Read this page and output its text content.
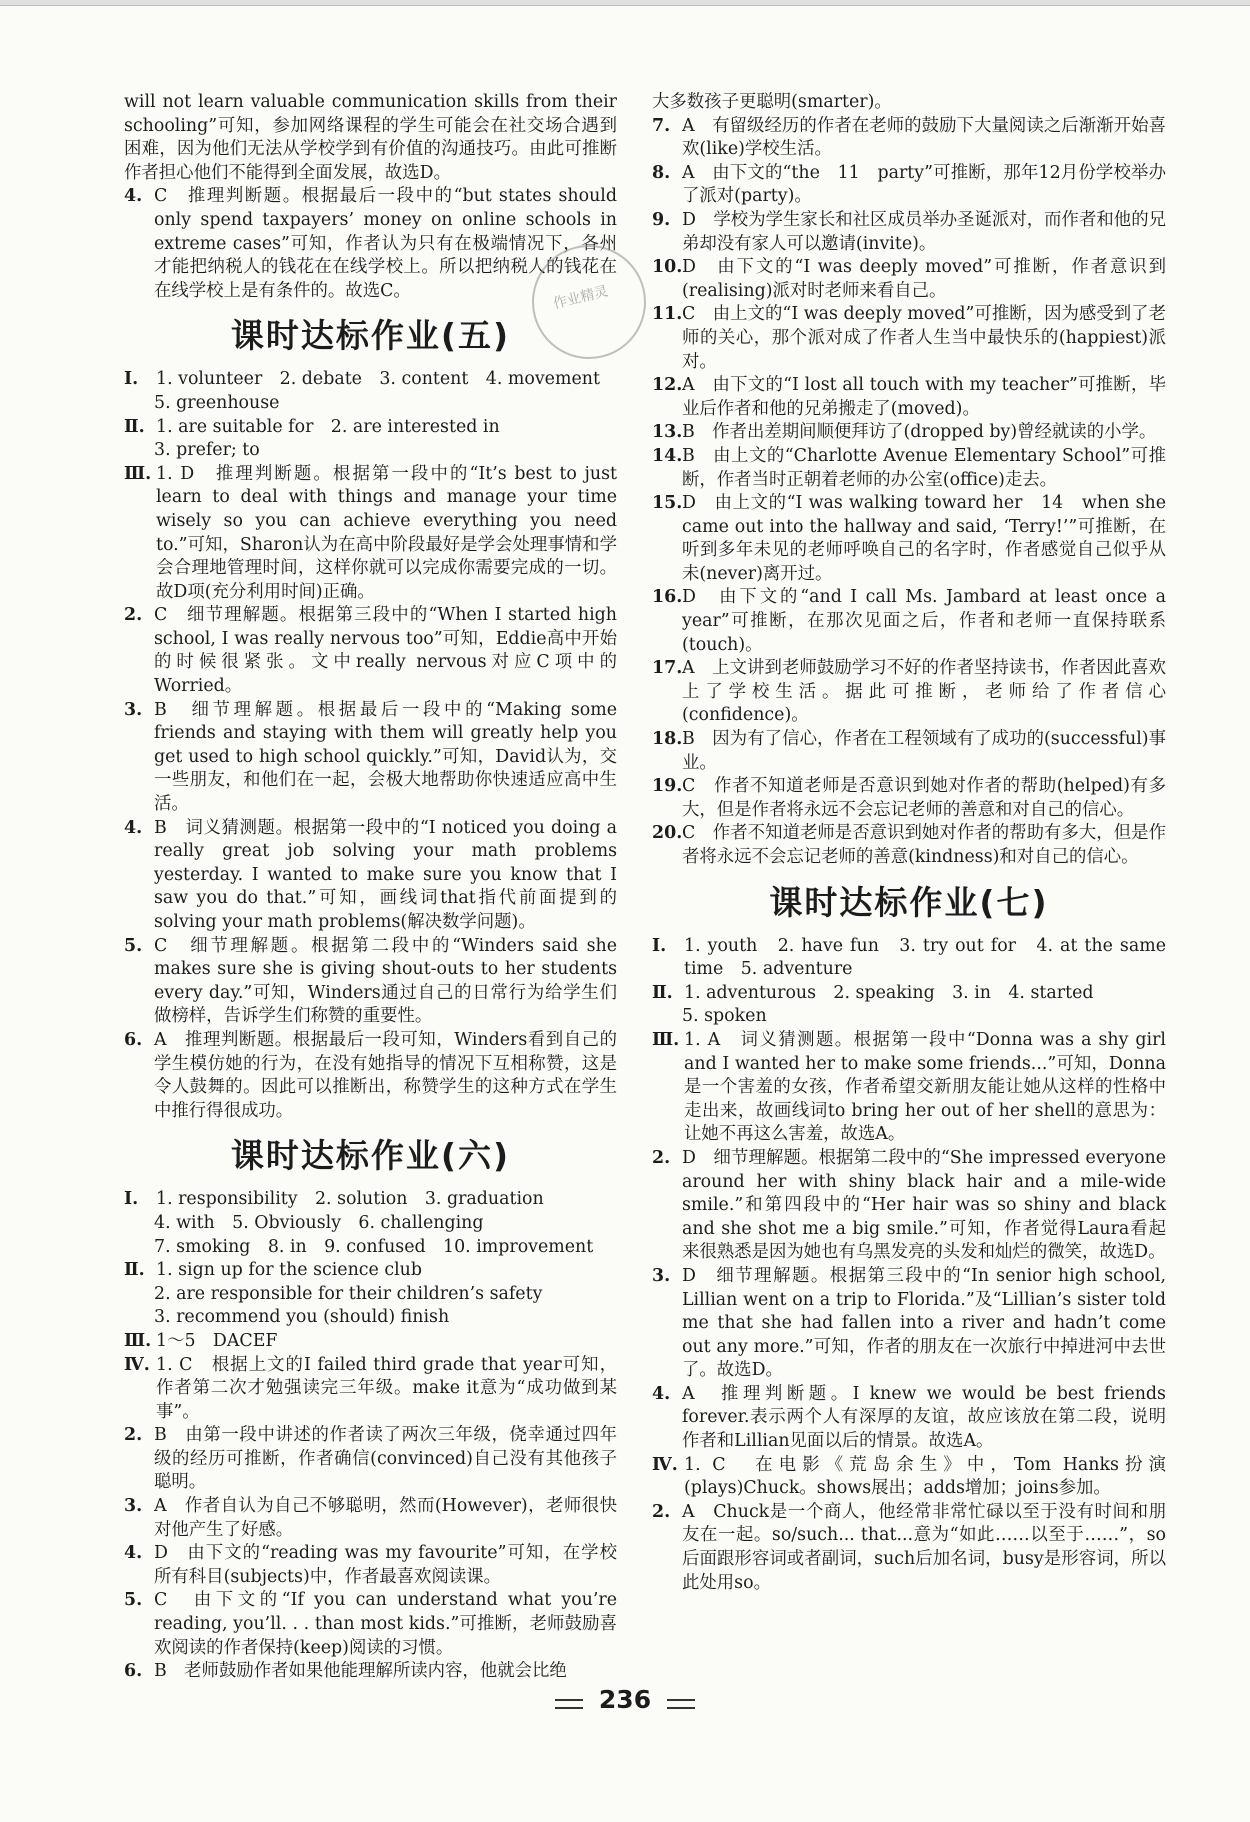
will not learn valuable communication skills from their schooling”可知，参加网络课程的学生可能会在社交场合遇到困难，因为他们无法从学校学到有价值的沟通技巧。由此可推断作者担心他们不能得到全面发展，故选D。
4. C　推理判断题。根据最后一段中的“but states should only spend taxpayers’ money on online schools in extreme cases”可知，作者认为只有在极端情况下，各州才能把纳税人的钱花在在线学校上。所以把纳税人的钱花在在线学校上是有条件的。故选C。
课时达标作业(五)
Ⅰ. 1. volunteer　2. debate　3. content　4. movement
5. greenhouse
Ⅱ. 1. are suitable for　2. are interested in
3. prefer; to
Ⅲ. 1. D　推理判断题。根据第一段中的“It’s best to just learn to deal with things and manage your time wisely so you can achieve everything you need to.”可知，Sharon认为在高中阶段最好是学会处理事情和学会合理地管理时间，这样你就可以完成你需要完成的一切。故D项(充分利用时间)正确。
2. C　细节理解题。根据第三段中的“When I started high school, I was really nervous too”可知，Eddie高中开始的时候很紧张。文中really nervous对应C项中的Worried。
3. B　细节理解题。根据最后一段中的“Making some friends and staying with them will greatly help you get used to high school quickly.”可知，David认为，交一些朋友，和他们在一起，会极大地帮助你快速适应高中生活。
4. B　词义猜测题。根据第一段中的“I noticed you doing a really great job solving your math problems yesterday. I wanted to make sure you know that I saw you do that.”可知，画线词that指代前面提到的solving your math problems(解决数学问题)。
5. C　细节理解题。根据第二段中的“Winders said she makes sure she is giving shout-outs to her students every day.”可知，Winders通过自己的日常行为给学生们做榜样，告诉学生们称赞的重要性。
6. A　推理判断题。根据最后一段可知，Winders看到自己的学生模仿她的行为，在没有她指导的情况下互相称赞，这是令人鼓舞的。因此可以推断出，称赞学生的这种方式在学生中推行得很成功。
课时达标作业(六)
Ⅰ. 1. responsibility　2. solution　3. graduation
4. with　5. Obviously　6. challenging
7. smoking　8. in　9. confused　10. improvement
Ⅱ. 1. sign up for the science club
2. are responsible for their children’s safety
3. recommend you (should) finish
Ⅲ. 1～5　DACEF
Ⅳ. 1. C　根据上文的I failed third grade that year可知，作者第二次才勉强读完三年级。make it意为“成功做到某事”。
2. B　由第一段中讲述的作者读了两次三年级，侥幸通过四年级的经历可推断，作者确信(convinced)自己没有其他孩子聪明。
3. A　作者自认为自己不够聪明，然而(However)，老师很快对他产生了好感。
4. D　由下文的“reading was my favourite”可知，在学校所有科目(subjects)中，作者最喜欢阅读课。
5. C　由下文的“If you can understand what you’re reading, you’ll. . . than most kids.”可推断，老师鼓励喜欢阅读的作者保持(keep)阅读的习惯。
6. B　老师鼓励作者如果他能理解所读内容，他就会比绝
大多数孩子更聪明(smarter)。
7. A　有留级经历的作者在老师的鼓励下大量阅读之后渐渐开始喜欢(like)学校生活。
8. A　由下文的“the　11　party”可推断，那年12月份学校举办了派对(party)。
9. D　学校为学生家长和社区成员举办圣诞派对，而作者和他的兄弟却没有家人可以邀请(invite)。
10. D　由下文的“I was deeply moved”可推断，作者意识到(realising)派对时老师来看自己。
11. C　由上文的“I was deeply moved”可推断，因为感受到了老师的关心，那个派对成了作者人生当中最快乐的(happiest)派对。
12. A　由下文的“I lost all touch with my teacher”可推断，毕业后作者和他的兄弟搬走了(moved)。
13. B　作者出差期间顺便拜访了(dropped by)曾经就读的小学。
14. B　由上文的“Charlotte Avenue Elementary School”可推断，作者当时正朝着老师的办公室(office)走去。
15. D　由上文的“I was walking toward her　14　when she came out into the hallway and said, ‘Terry!’”可推断，在听到多年未见的老师呼唤自己的名字时，作者感觉自己似乎从未(never)离开过。
16. D　由下文的“and I call Ms. Jambard at least once a year”可推断，在那次见面之后，作者和老师一直保持联系(touch)。
17. A　上文讲到老师鼓励学习不好的作者坚持读书，作者因此喜欢上了学校生活。据此可推断，老师给了作者信心(confidence)。
18. B　因为有了信心，作者在工程领域有了成功的(successful)事业。
19. C　作者不知道老师是否意识到她对作者的帮助(helped)有多大，但是作者将永远不会忘记老师的善意和对自己的信心。
20. C　作者不知道老师是否意识到她对作者的帮助有多大，但是作者将永远不会忘记老师的善意(kindness)和对自己的信心。
课时达标作业(七)
Ⅰ. 1. youth　2. have fun　3. try out for　4. at the same time　5. adventure
Ⅱ. 1. adventurous　2. speaking　3. in　4. started
5. spoken
Ⅲ. 1. A　词义猜测题。根据第一段中“Donna was a shy girl and I wanted her to make some friends...”可知，Donna是一个害羞的女孩，作者希望交新朋友能让她从这样的性格中走出来，故画线词to bring her out of her shell的意思为：让她不再这么害羞，故选A。
2. D　细节理解题。根据第二段中的“She impressed everyone around her with shiny black hair and a mile-wide smile.”和第四段中的“Her hair was so shiny and black and she shot me a big smile.”可知，作者觉得Laura看起来很熟悉是因为她也有乌黑发亮的头发和灿烂的微笑，故选D。
3. D　细节理解题。根据第三段中的“In senior high school, Lillian went on a trip to Florida.”及“Lillian’s sister told me that she had fallen into a river and hadn’t come out any more.”可知，作者的朋友在一次旅行中掉进河中去世了。故选D。
4. A　推理判断题。I knew we would be best friends forever.表示两个人有深厚的友谊，故应该放在第二段，说明作者和Lillian见面以后的情景。故选A。
Ⅳ. 1. C　在电影《荒岛余生》中，Tom Hanks扮演(plays)Chuck。shows展出；adds增加；joins参加。
2. A　Chuck是一个商人，他经常非常忙碌以至于没有时间和朋友在一起。so/such... that...意为“如此……以至于……”，so后面跟形容词或者副词，such后加名词，busy是形容词，所以此处用so。
作业精灵
236
